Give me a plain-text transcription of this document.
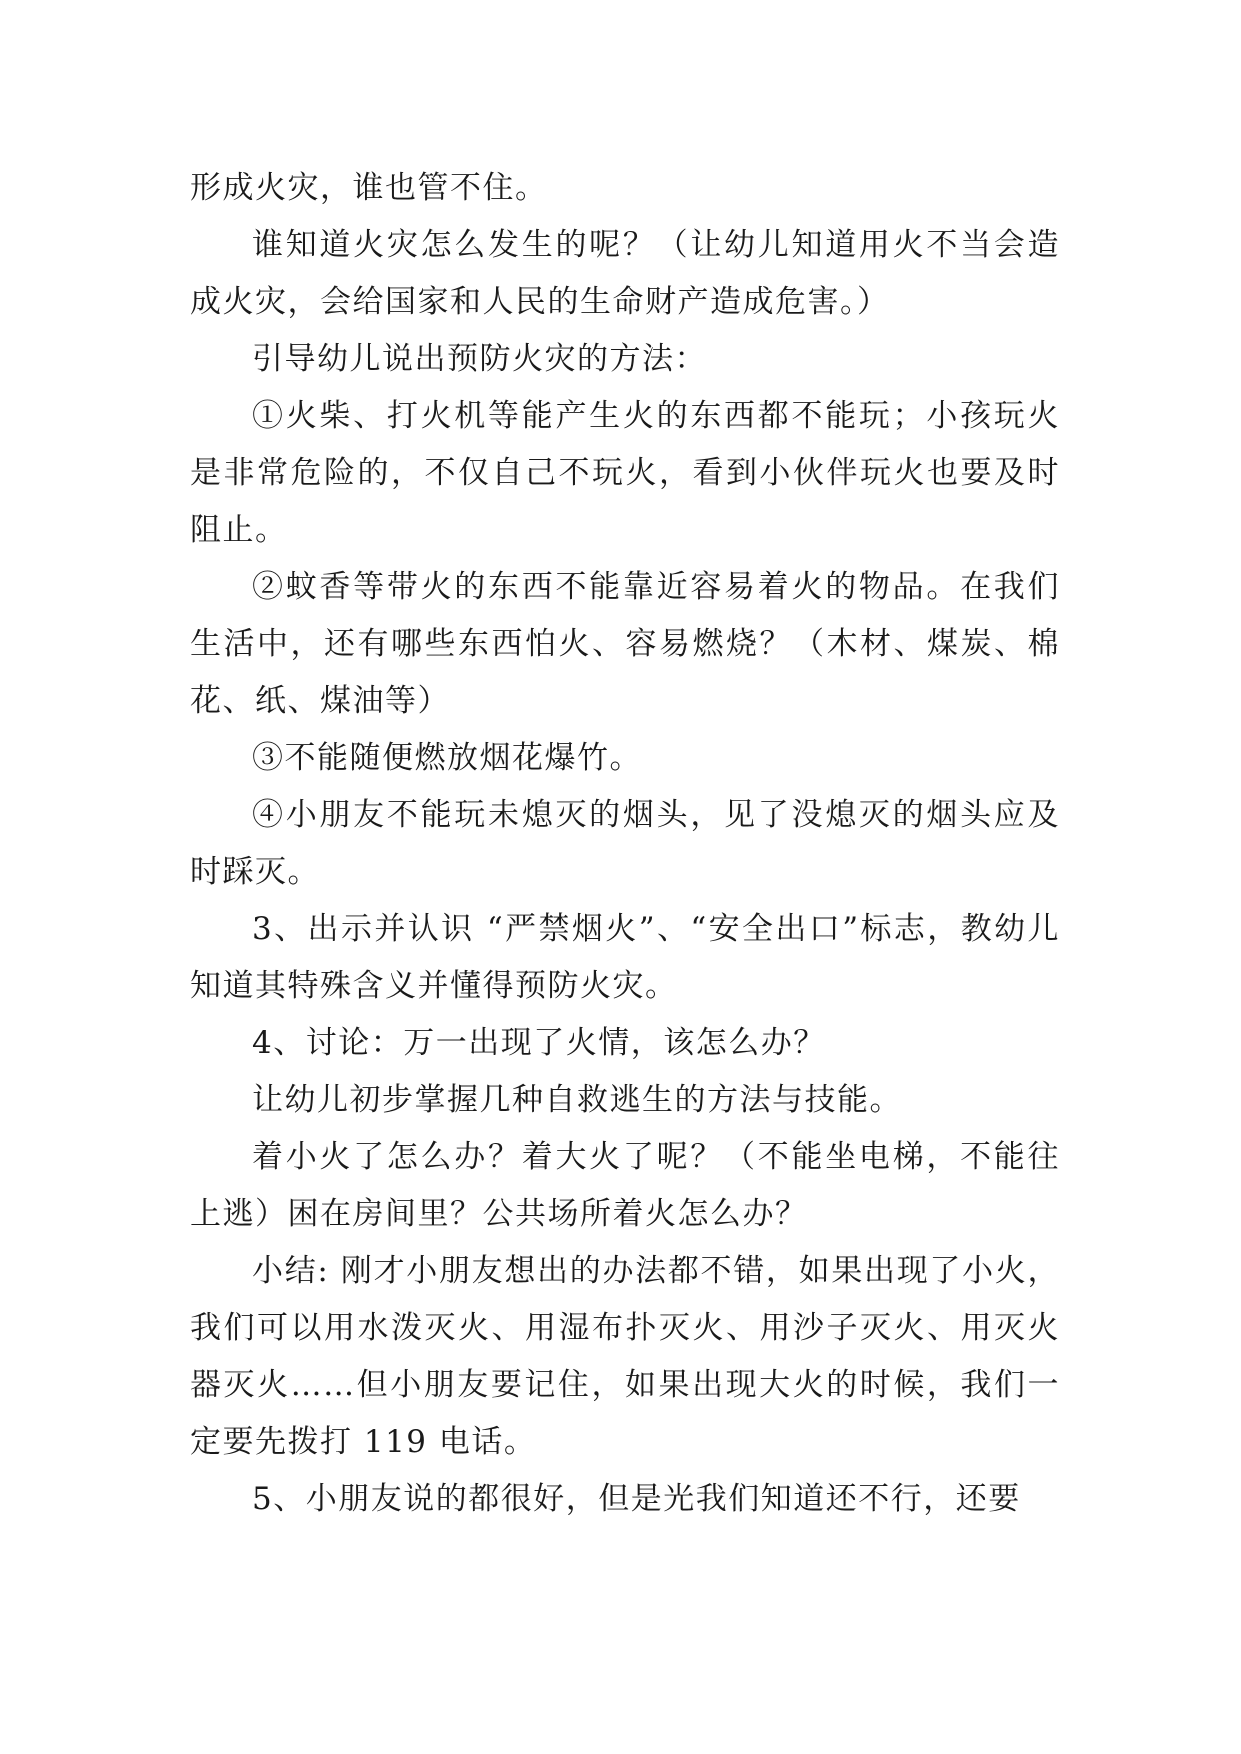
形成火灾，谁也管不住。

谁知道火灾怎么发生的呢？（让幼儿知道用火不当会造成火灾，会给国家和人民的生命财产造成危害。）

引导幼儿说出预防火灾的方法：

①火柴、打火机等能产生火的东西都不能玩；小孩玩火是非常危险的，不仅自己不玩火，看到小伙伴玩火也要及时阻止。

②蚊香等带火的东西不能靠近容易着火的物品。在我们生活中，还有哪些东西怕火、容易燃烧？（木材、煤炭、棉花、纸、煤油等）

③不能随便燃放烟花爆竹。

④小朋友不能玩未熄灭的烟头，见了没熄灭的烟头应及时踩灭。

3、出示并认识 “严禁烟火”、“安全出口”标志，教幼儿知道其特殊含义并懂得预防火灾。

4、讨论：万一出现了火情，该怎么办？

让幼儿初步掌握几种自救逃生的方法与技能。

着小火了怎么办？着大火了呢？（不能坐电梯，不能往上逃）困在房间里？公共场所着火怎么办？

小结: 刚才小朋友想出的办法都不错，如果出现了小火，我们可以用水泼灭火、用湿布扑灭火、用沙子灭火、用灭火器灭火……但小朋友要记住，如果出现大火的时候，我们一定要先拨打 119 电话。

5、小朋友说的都很好，但是光我们知道还不行，还要
